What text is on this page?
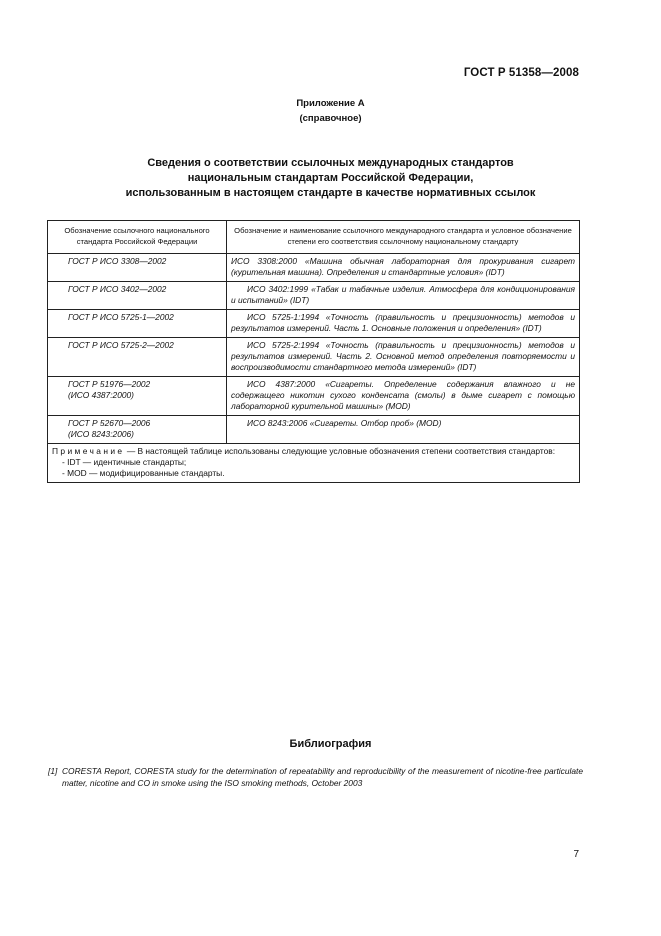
ГОСТ Р 51358—2008
Приложение А
(справочное)
Сведения о соответствии ссылочных международных стандартов
национальным стандартам Российской Федерации,
использованным в настоящем стандарте в качестве нормативных ссылок
Обозначение ссылочного национального стандарта Российской Федерации	Обозначение и наименование ссылочного международного стандарта и условное обозначение степени его соответствия ссылочному национальному стандарту
ГОСТ Р ИСО 3308—2002	ИСО 3308:2000 «Машина обычная лабораторная для прокуривания сигарет (курительная машина). Определения и стандартные условия» (IDT)

ГОСТ Р ИСО 3402—2002	ИСО 3402:1999 «Табак и табачные изделия. Атмосфера для кондиционирования и испытаний» (IDT)

ГОСТ Р ИСО 5725-1—2002	ИСО 5725-1:1994 «Точность (правильность и прецизионность) методов и результатов измерений. Часть 1. Основные положения и определения» (IDT)

ГОСТ Р ИСО 5725-2—2002	ИСО 5725-2:1994 «Точность (правильность и прецизионность) методов и результатов измерений. Часть 2. Основной метод определения повторяемости и воспроизводимости стандартного метода измерений» (IDT)

ГОСТ Р 51976—2002
(ИСО 4387:2000)	ИСО 4387:2000 «Сигареты. Определение содержания влажного и не содержащего никотин сухого конденсата (смолы) в дыме сигарет с помощью лабораторной курительной машины» (MOD)

ГОСТ Р 52670—2006
(ИСО 8243:2006)	ИСО 8243:2006 «Сигареты. Отбор проб» (MOD)

Примечание — В настоящей таблице использованы следующие условные обозначения степени соответствия стандартов:
- IDT — идентичные стандарты;
- MOD — модифицированные стандарты.	
Библиография
[1] CORESTA Report, CORESTA study for the determination of repeatability and reproducibility of the measurement of nicotine-free particulate matter, nicotine and CO in smoke using the ISO smoking methods, October 2003
7
